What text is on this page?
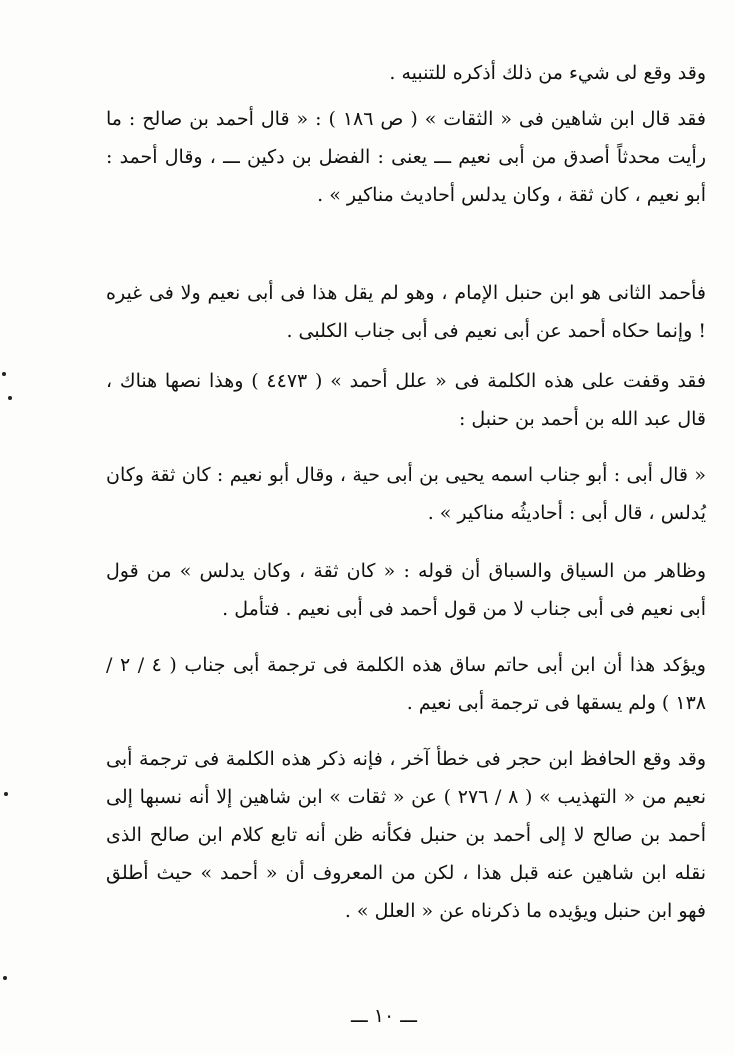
وقد وقع لى شيء من ذلك أذكره للتنبيه .

فقد قال ابن شاهين فى « الثقات » ( ص ١٨٦ ) : « قال أحمد بن صالح : ما رأيت محدثاً أصدق من أبى نعيم ـــ يعنى : الفضل بن دكين ـــ ، وقال أحمد : أبو نعيم ، كان ثقة ، وكان يدلس أحاديث مناكير » .

فأحمد الثانى هو ابن حنبل الإمام ، وهو لم يقل هذا فى أبى نعيم ولا فى غيره ! وإنما حكاه أحمد عن أبى نعيم فى أبى جناب الكلبى .

فقد وقفت على هذه الكلمة فى « علل أحمد » ( ٤٤٧٣ ) وهذا نصها هناك ، قال عبد الله بن أحمد بن حنبل :

« قال أبى : أبو جناب اسمه يحيى بن أبى حية ، وقال أبو نعيم : كان ثقة وكان يُدلس ، قال أبى : أحاديثُه مناكير » .

وظاهر من السياق والسباق أن قوله : « كان ثقة ، وكان يدلس » من قول أبى نعيم فى أبى جناب لا من قول أحمد فى أبى نعيم . فتأمل .

ويؤكد هذا أن ابن أبى حاتم ساق هذه الكلمة فى ترجمة أبى جناب ( ٤ / ٢ / ١٣٨ ) ولم يسقها فى ترجمة أبى نعيم .

وقد وقع الحافظ ابن حجر فى خطأ آخر ، فإنه ذكر هذه الكلمة فى ترجمة أبى نعيم من « التهذيب » ( ٨ / ٢٧٦ ) عن « ثقات » ابن شاهين إلا أنه نسبها إلى أحمد بن صالح لا إلى أحمد بن حنبل فكأنه ظن أنه تابع كلام ابن صالح الذى نقله ابن شاهين عنه قبل هذا ، لكن من المعروف أن « أحمد » حيث أطلق فهو ابن حنبل ويؤيده ما ذكرناه عن « العلل » .

ـــ ١٠ ـــ
